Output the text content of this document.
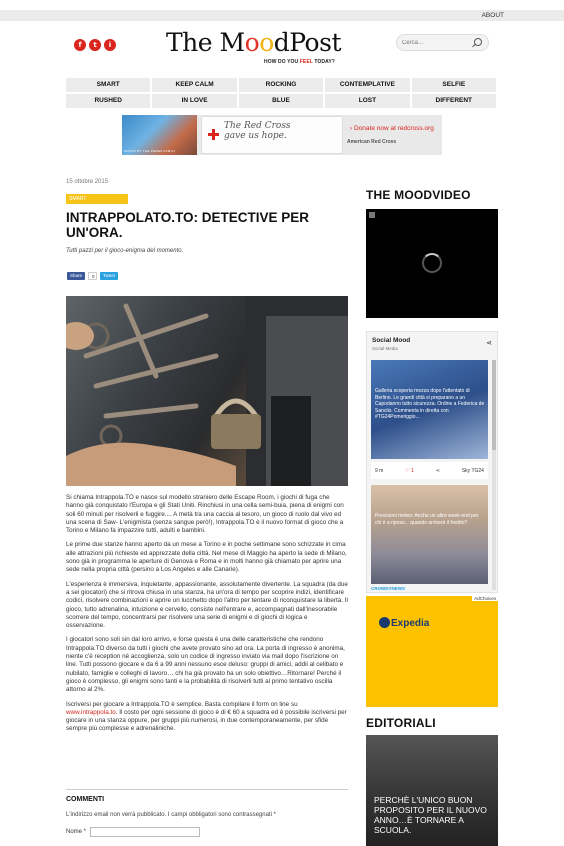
ABOUT
f	t	i The MoodPost
HOW DO YOU FEEL TODAY?
Cerca...
SMART	KEEP CALM	ROCKING	CONTEMPLATIVE	SELFIE
RUSHED	IN LOVE	BLUE	LOST	DIFFERENT
PHOTO BY THE PEREZ FAMILY
The Red Cross
gave us hope.
› Donate now at redcross.org
American Red Cross
15 ottobre 2015
SMART
INTRAPPOLATO.TO: DETECTIVE PER UN'ORA.
Tutti pazzi per il gioco-enigma del momento.
Share	0	Tweet

Si chiama Intrappola.TO e nasce sul modello straniero delle Escape Room, i giochi di fuga che hanno già conquistato l'Europa e gli Stati Uniti. Rinchiusi in una cella semi-buia, piena di enigmi con soli 60 minuti per risolverli e fuggire.... A metà tra una caccia al tesoro, un gioco di ruolo dal vivo ed una scena di Saw- L'enigmista (senza sangue però!), Intrappola.TO è il nuovo format di gioco che a Torino e Milano fa impazzire tutti, adulti e bambini.

Le prime due stanze hanno aperto da un mese a Torino e in poche settimane sono schizzate in cima alle attrazioni più richieste ed apprezzate della città. Nel mese di Maggio ha aperto la sede di Milano, sono già in programma le aperture di Genova e Roma e in molti hanno già chiamato per aprire una sede nella propria città (persino a Los Angeles e alle Canarie).

L'esperienza è immersiva, inquietante, appassionante, assolutamente divertente. La squadra (da due a sei giocatori) che si ritrova chiusa in una stanza, ha un'ora di tempo per scoprire indizi, identificare codici, risolvere combinazioni e aprire un lucchetto dopo l'altro per tentare di riconquistare la libertà. Il gioco, tutto adrenalina, intuizione e cervello, consiste nell'entrare e, accompagnati dall'inesorabile scorrere del tempo, concentrarsi per risolvere una serie di enigmi e di giochi di logica e osservazione.

I giocatori sono soli sin dal loro arrivo, e forse questa è una delle caratteristiche che rendono Intrappola.TO diverso da tutti i giochi che avete provato sino ad ora. La porta di ingresso è anonima, niente c'è reception né accoglienza, solo un codice di ingresso inviato via mail dopo l'iscrizione on line. Tutti possono giocare e da 6 a 99 anni nessuno esce deluso: gruppi di amici, addii al celibato e nubilato, famiglie e colleghi di lavoro… chi ha già provato ha un solo obiettivo…Ritornare! Perché il gioco è complesso, gli enigmi sono tanti e la probabilità di risolverli tutti al primo tentativo oscilla attorno al 2%.

Iscriversi per giocare a Intrappola.TO è semplice. Basta compilare il form on line su www.intrappola.to. Il costo per ogni sessione di gioco è di € 60 a squadra ed è possibile iscriversi per giocare in una stanza oppure, per gruppi più numerosi, in due contemporaneamente, per sfide sempre più complesse e adrenaliniche.

COMMENTI
L'indirizzo email non verrà pubblicato. I campi obbligatori sono contrassegnati *
Nome *
THE MOODVIDEO
Social Mood
Social Media
⋖
Galleria scoperta mezza dopo l'attentato di Berlino. Le grandi città si preparano a un Capodanno tutto sicurezza. Ordine a Federica de Sanctis. Commenta in diretta con #TG24Pomeriggio...
9 m	♡ 1	⋖	Sky TG24
Previsioni meteo: Anche un altro week-end per chi è a riposo... quando arriverà il freddo?
CROWDYNEWS
AdChoices
Expedia
EDITORIALI
PERCHÈ L'UNICO BUON PROPOSITO PER IL NUOVO ANNO…È TORNARE A SCUOLA.
